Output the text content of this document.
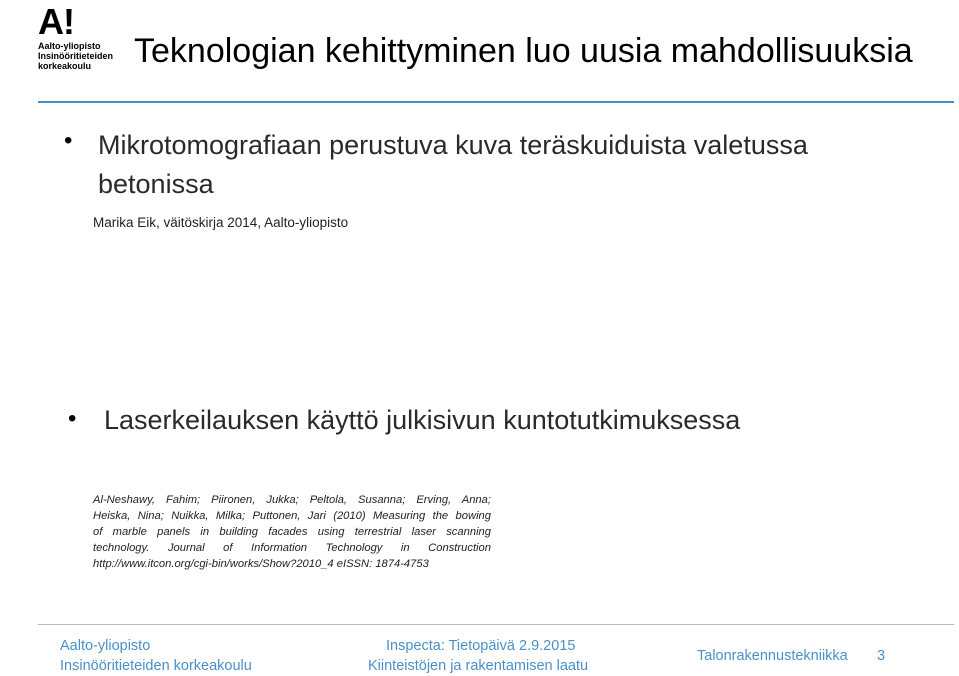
A!
Aalto-yliopisto
Insinööritieteiden
korkeakoulu Teknologian kehittyminen luo uusia mahdollisuuksia
• Mikrotomografiaan perustuva kuva teräskuiduista valetussa betonissa
Marika Eik, väitöskirja 2014, Aalto-yliopisto
• Laserkeilauksen käyttö julkisivun kuntotutkimuksessa
Al-Neshawy, Fahim; Piironen, Jukka; Peltola, Susanna; Erving, Anna;
Heiska, Nina; Nuikka, Milka; Puttonen, Jari (2010) Measuring the bowing
of marble panels in building facades using terrestrial laser scanning
technology. Journal of Information Technology in Construction
http://www.itcon.org/cgi-bin/works/Show?2010_4 eISSN: 1874-4753
Aalto-yliopisto
Insinööritieteiden korkeakoulu
Inspecta: Tietopäivä 2.9.2015
Kiinteistöjen ja rakentamisen laatu
Talonrakennustekniikka 3
